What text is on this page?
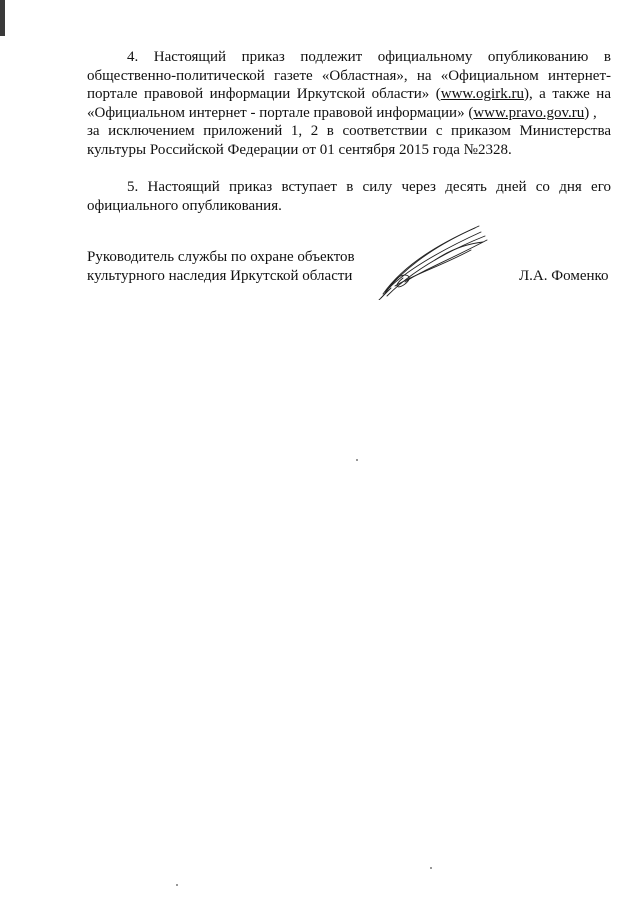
4. Настоящий приказ подлежит официальному опубликованию в
общественно-политической газете «Областная», на «Официальном интернет-
портале правовой информации Иркутской области» (www.ogirk.ru), а также на
«Официальном интернет - портале правовой информации» (www.pravo.gov.ru) ,
за исключением приложений 1, 2 в соответствии с приказом Министерства
культуры Российской Федерации от 01 сентября 2015 года №2328.
5. Настоящий приказ вступает в силу через десять дней со дня его
официального опубликования.
Руководитель службы по охране объектов
культурного наследия Иркутской области	Л.А. Фоменко
